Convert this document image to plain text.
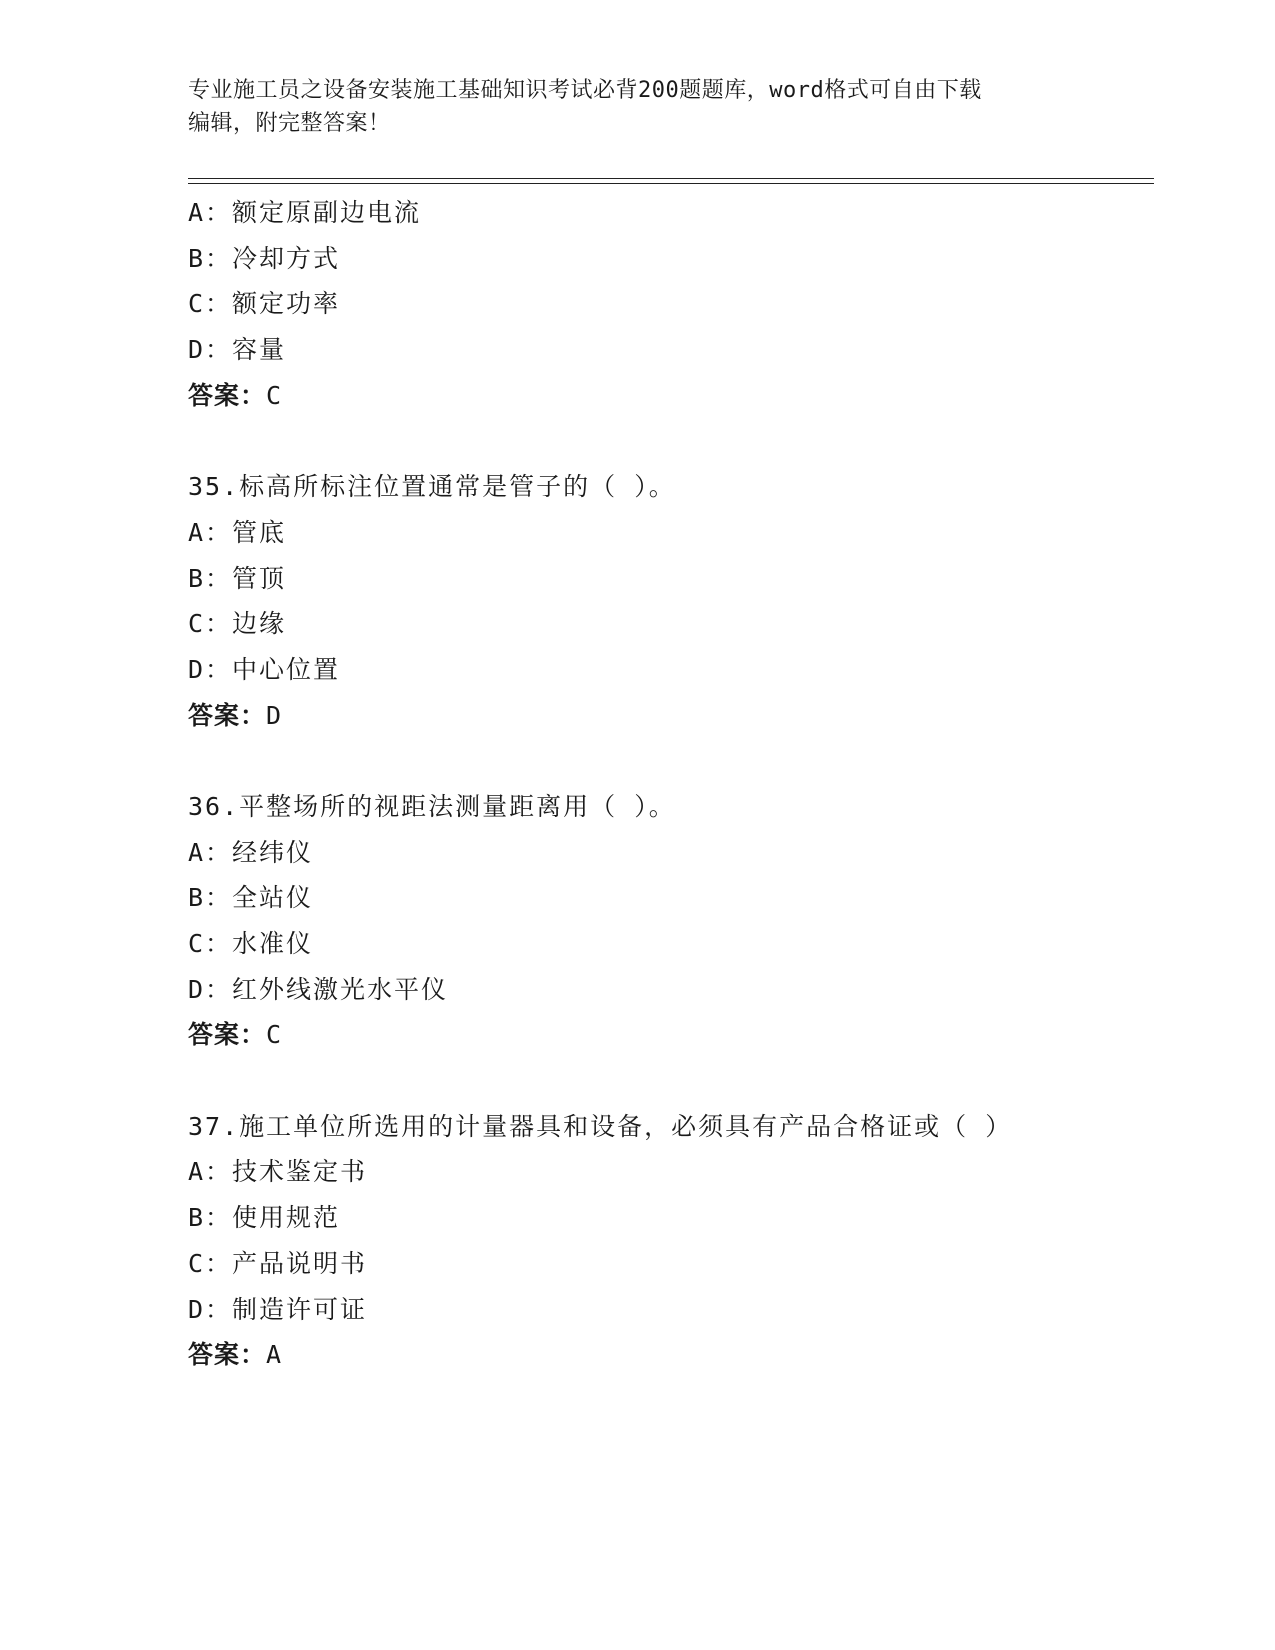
专业施工员之设备安装施工基础知识考试必背200题题库，word格式可自由下载
编辑，附完整答案！
A：额定原副边电流
B：冷却方式
C：额定功率
D：容量
答案：C
35.标高所标注位置通常是管子的（ ）。
A：管底
B：管顶
C：边缘
D：中心位置
答案：D
36.平整场所的视距法测量距离用（ ）。
A：经纬仪
B：全站仪
C：水准仪
D：红外线激光水平仪
答案：C
37.施工单位所选用的计量器具和设备，必须具有产品合格证或（ ）
A：技术鉴定书
B：使用规范
C：产品说明书
D：制造许可证
答案：A
